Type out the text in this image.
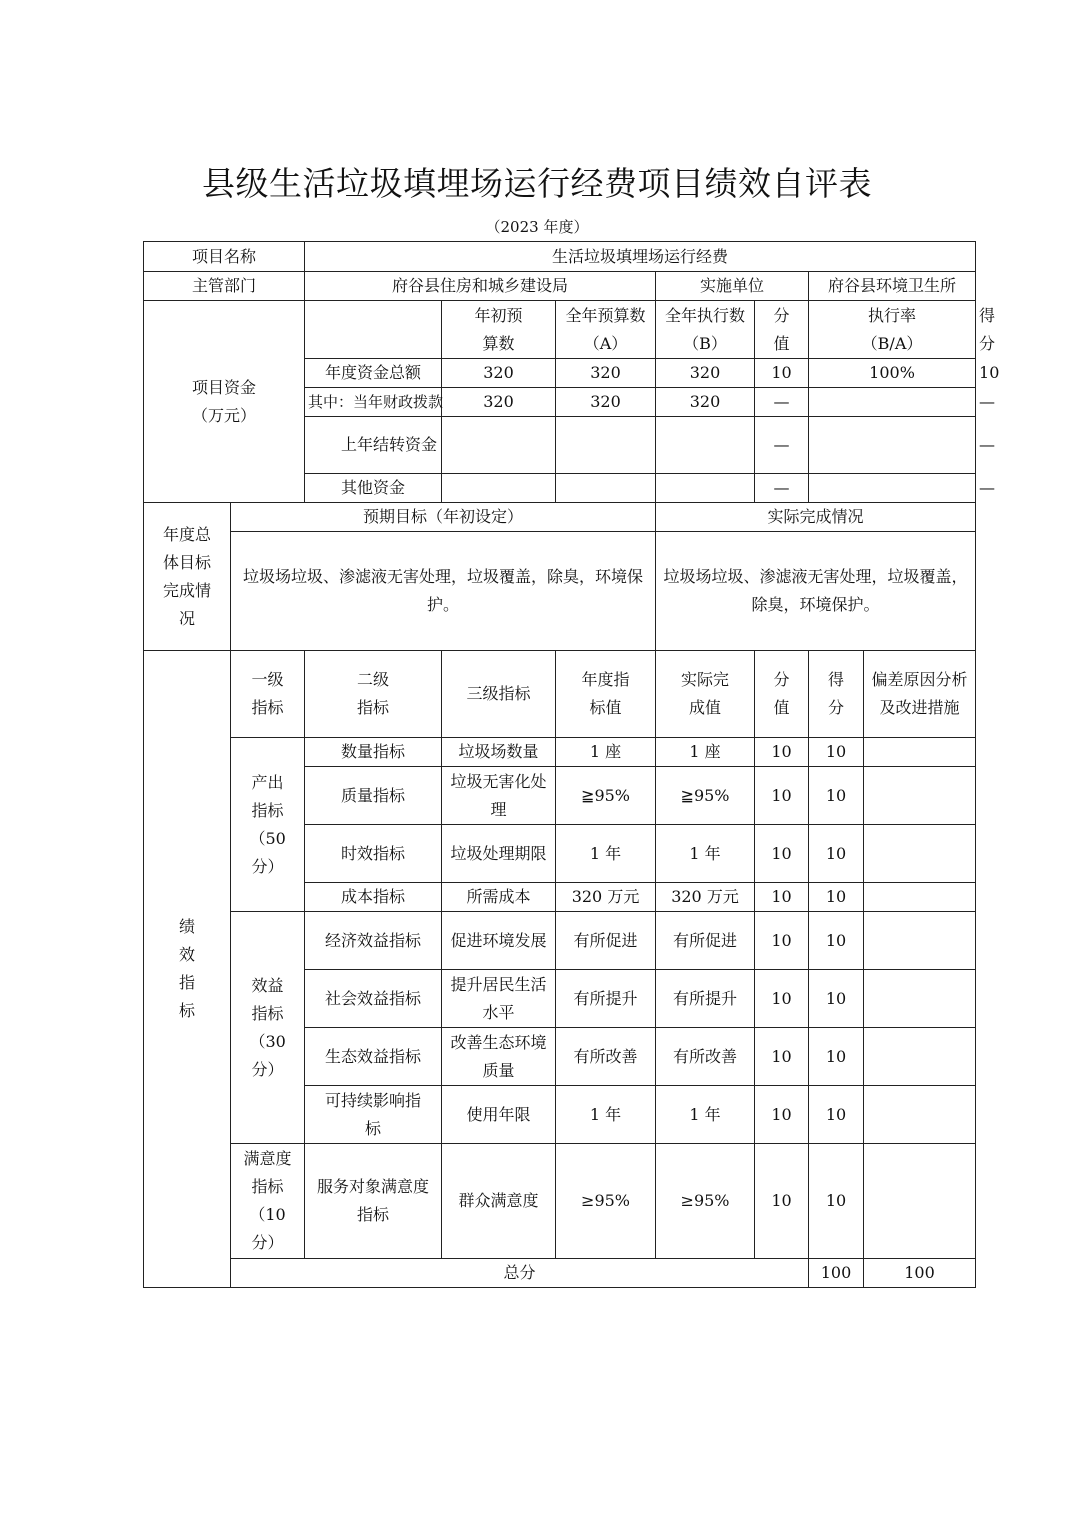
县级生活垃圾填埋场运行经费项目绩效自评表
（2023 年度）
项目名称		生活垃圾填埋场运行经费							
主管部门		府谷县住房和城乡建设局			实施单位		府谷县环境卫生所		
项目资金
（万元）			年初预算数	全年预算数（A）	全年执行数（B）	分值	执行率（B/A）		得分
		年度资金总额	320	320	320	10	100%		10
		其中：当年财政拨款	320	320	320	—			—
		上年结转资金				—			—
		其他资金				—			—
年度总体目标完成情况	预期目标（年初设定）				实际完成情况				
	垃圾场垃圾、渗滤液无害处理，垃圾覆盖，除臭，环境保护。				垃圾场垃圾、渗滤液无害处理，垃圾覆盖，除臭，环境保护。				
绩效指标	一级指标	二级指标	三级指标	年度指标值	实际完成值	分值	得分	偏差原因分析及改进措施	
	产出指标（50分）	数量指标	垃圾场数量	1 座	1 座	10	10		
		质量指标	垃圾无害化处理	≧95%	≧95%	10	10		
		时效指标	垃圾处理期限	1 年	1 年	10	10		
		成本指标	所需成本	320 万元	320 万元	10	10		
	效益指标（30分）	经济效益指标	促进环境发展	有所促进	有所促进	10	10		
		社会效益指标	提升居民生活水平	有所提升	有所提升	10	10		
		生态效益指标	改善生态环境质量	有所改善	有所改善	10	10		
		可持续影响指标	使用年限	1 年	1 年	10	10		
	满意度指标（10分）	服务对象满意度指标	群众满意度	≥95%	≥95%	10	10		
	总分						100	100	
